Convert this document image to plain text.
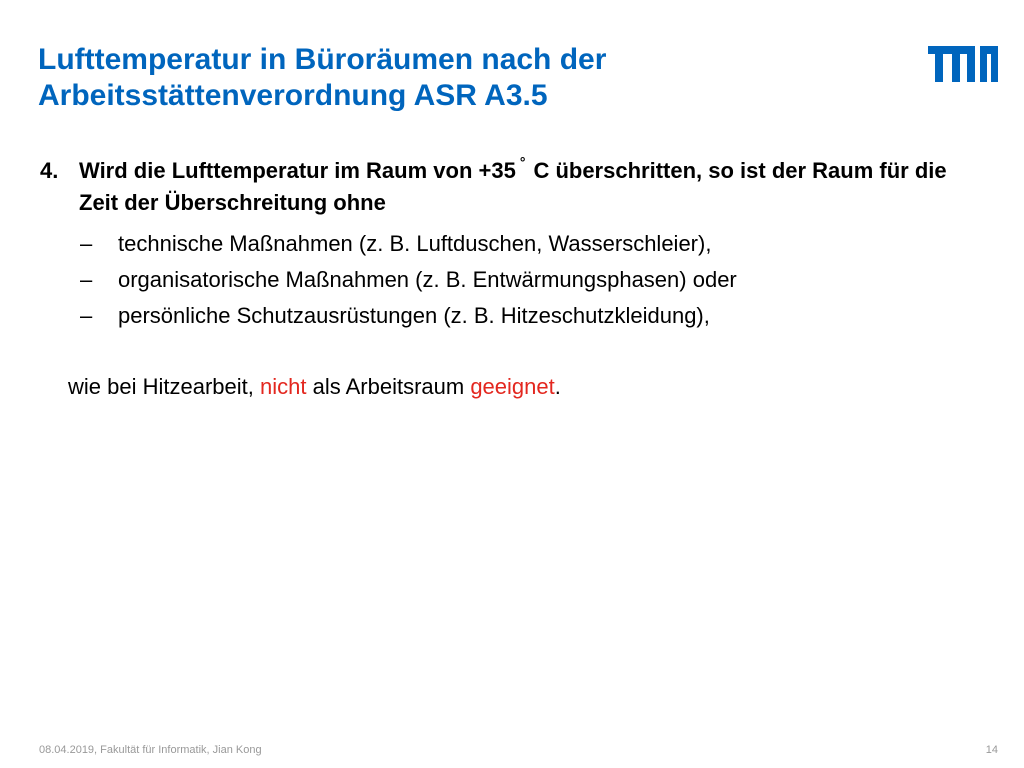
Lufttemperatur in Büroräumen nach der
Arbeitsstättenverordnung ASR A3.5
4. Wird die Lufttemperatur im Raum von +35 ° C überschritten, so ist der Raum für die Zeit der Überschreitung ohne
– technische Maßnahmen (z. B. Luftduschen, Wasserschleier),
– organisatorische Maßnahmen (z. B. Entwärmungsphasen) oder
– persönliche Schutzausrüstungen (z. B. Hitzeschutzkleidung),
wie bei Hitzearbeit, nicht als Arbeitsraum geeignet.
08.04.2019, Fakultät für Informatik, Jian Kong	14
